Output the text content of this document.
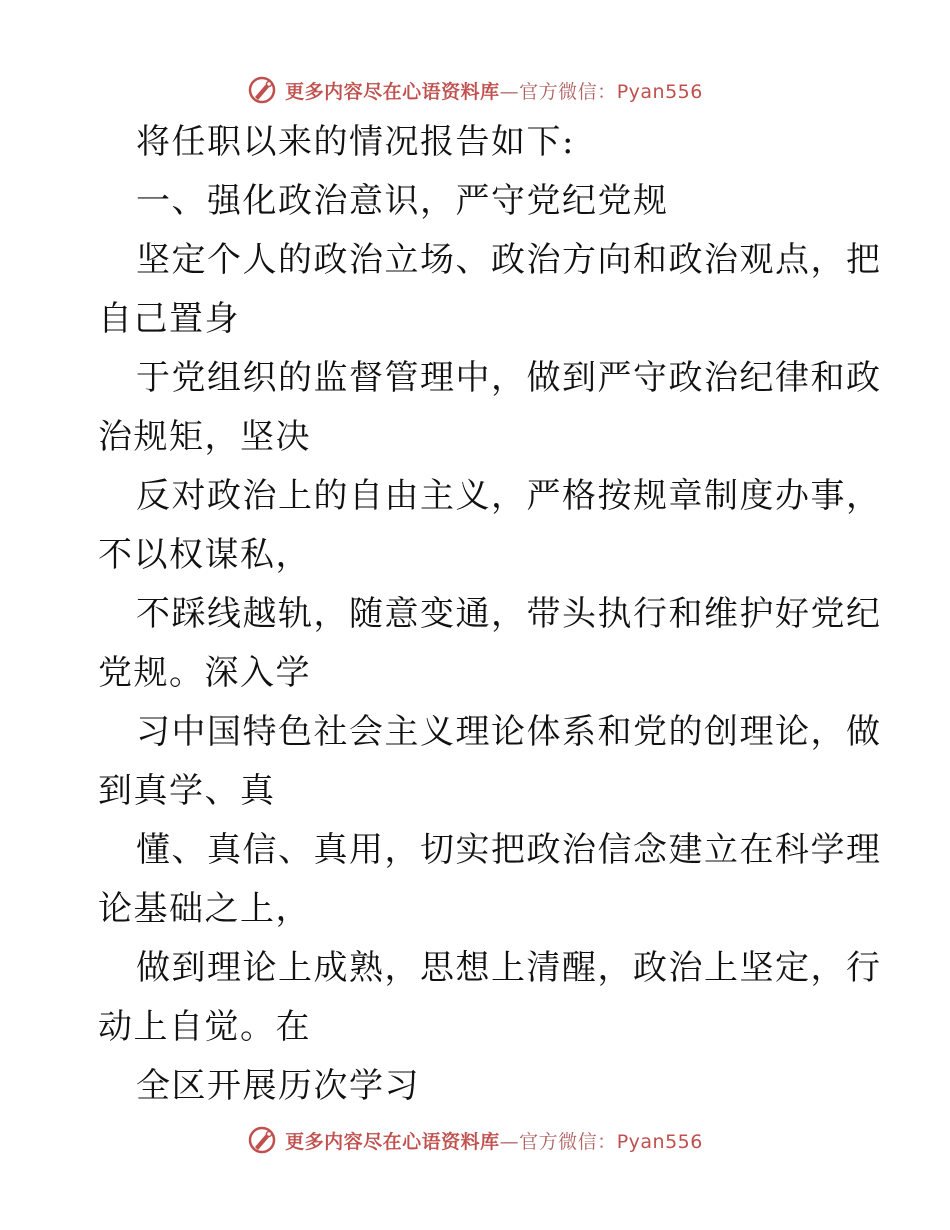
更多内容尽在心语资料库—官方微信：Pyan556
将任职以来的情况报告如下:
一、强化政治意识，严守党纪党规
坚定个人的政治立场、政治方向和政治观点，把
自己置身
于党组织的监督管理中，做到严守政治纪律和政
治规矩，坚决
反对政治上的自由主义，严格按规章制度办事，
不以权谋私，
不踩线越轨，随意变通，带头执行和维护好党纪
党规。深入学
习中国特色社会主义理论体系和党的创理论，做
到真学、真
懂、真信、真用，切实把政治信念建立在科学理
论基础之上，
做到理论上成熟，思想上清醒，政治上坚定，行
动上自觉。在
全区开展历次学习
更多内容尽在心语资料库—官方微信：Pyan556
